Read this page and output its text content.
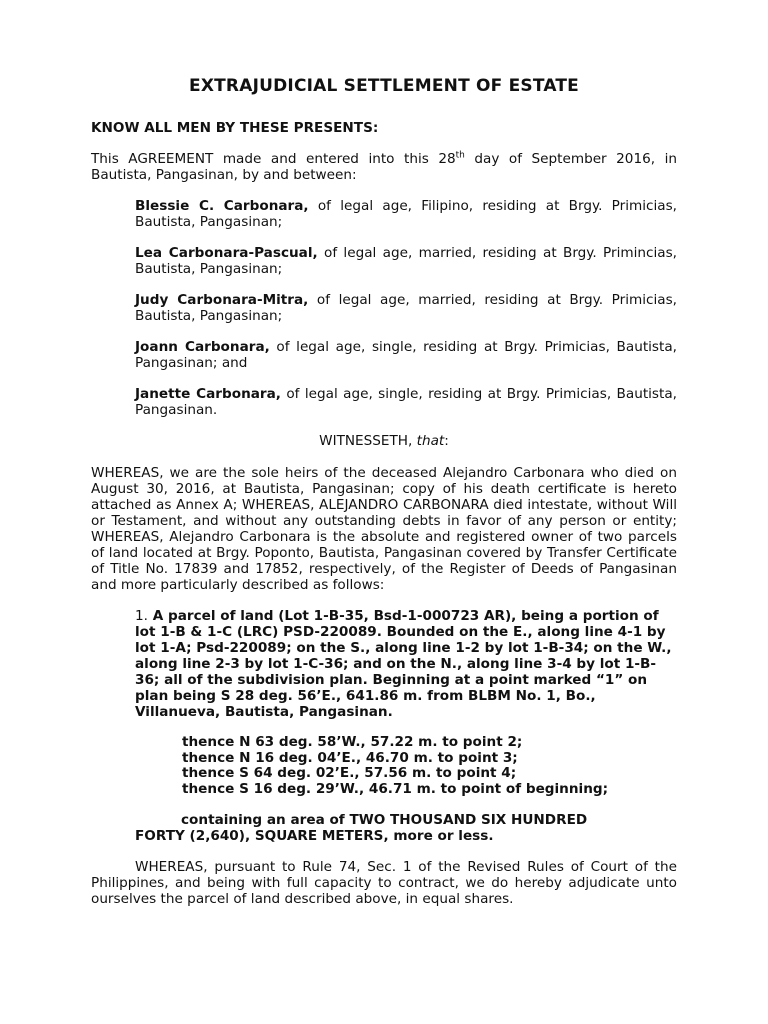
EXTRAJUDICIAL SETTLEMENT OF ESTATE

KNOW ALL MEN BY THESE PRESENTS:

This AGREEMENT made and entered into this 28th day of September 2016, in Bautista, Pangasinan, by and between:

Blessie C. Carbonara, of legal age, Filipino, residing at Brgy. Primicias, Bautista, Pangasinan;

Lea Carbonara-Pascual, of legal age, married, residing at Brgy. Primincias, Bautista, Pangasinan;

Judy Carbonara-Mitra, of legal age, married, residing at Brgy. Primicias, Bautista, Pangasinan;

Joann Carbonara, of legal age, single, residing at Brgy. Primicias, Bautista, Pangasinan; and

Janette Carbonara, of legal age, single, residing at Brgy. Primicias, Bautista, Pangasinan.

WITNESSETH, that:

WHEREAS, we are the sole heirs of the deceased Alejandro Carbonara who died on August 30, 2016, at Bautista, Pangasinan; copy of his death certificate is hereto attached as Annex A; WHEREAS, ALEJANDRO CARBONARA died intestate, without Will or Testament, and without any outstanding debts in favor of any person or entity; WHEREAS, Alejandro Carbonara is the absolute and registered owner of two parcels of land located at Brgy. Poponto, Bautista, Pangasinan covered by Transfer Certificate of Title No. 17839 and 17852, respectively, of the Register of Deeds of Pangasinan and more particularly described as follows:

1. A parcel of land (Lot 1-B-35, Bsd-1-000723 AR), being a portion of lot 1-B & 1-C (LRC) PSD-220089. Bounded on the E., along line 4-1 by lot 1-A; Psd-220089; on the S., along line 1-2 by lot 1-B-34; on the W., along line 2-3 by lot 1-C-36; and on the N., along line 3-4 by lot 1-B-36; all of the subdivision plan. Beginning at a point marked “1” on plan being S 28 deg. 56’E., 641.86 m. from BLBM No. 1, Bo., Villanueva, Bautista, Pangasinan.

thence N 63 deg. 58’W., 57.22 m. to point 2;
thence N 16 deg. 04’E., 46.70 m. to point 3;
thence S 64 deg. 02’E., 57.56 m. to point 4;
thence S 16 deg. 29’W., 46.71 m. to point of beginning;
containing an area of TWO THOUSAND SIX HUNDRED
FORTY (2,640), SQUARE METERS, more or less.

WHEREAS, pursuant to Rule 74, Sec. 1 of the Revised Rules of Court of the Philippines, and being with full capacity to contract, we do hereby adjudicate unto ourselves the parcel of land described above, in equal shares.
